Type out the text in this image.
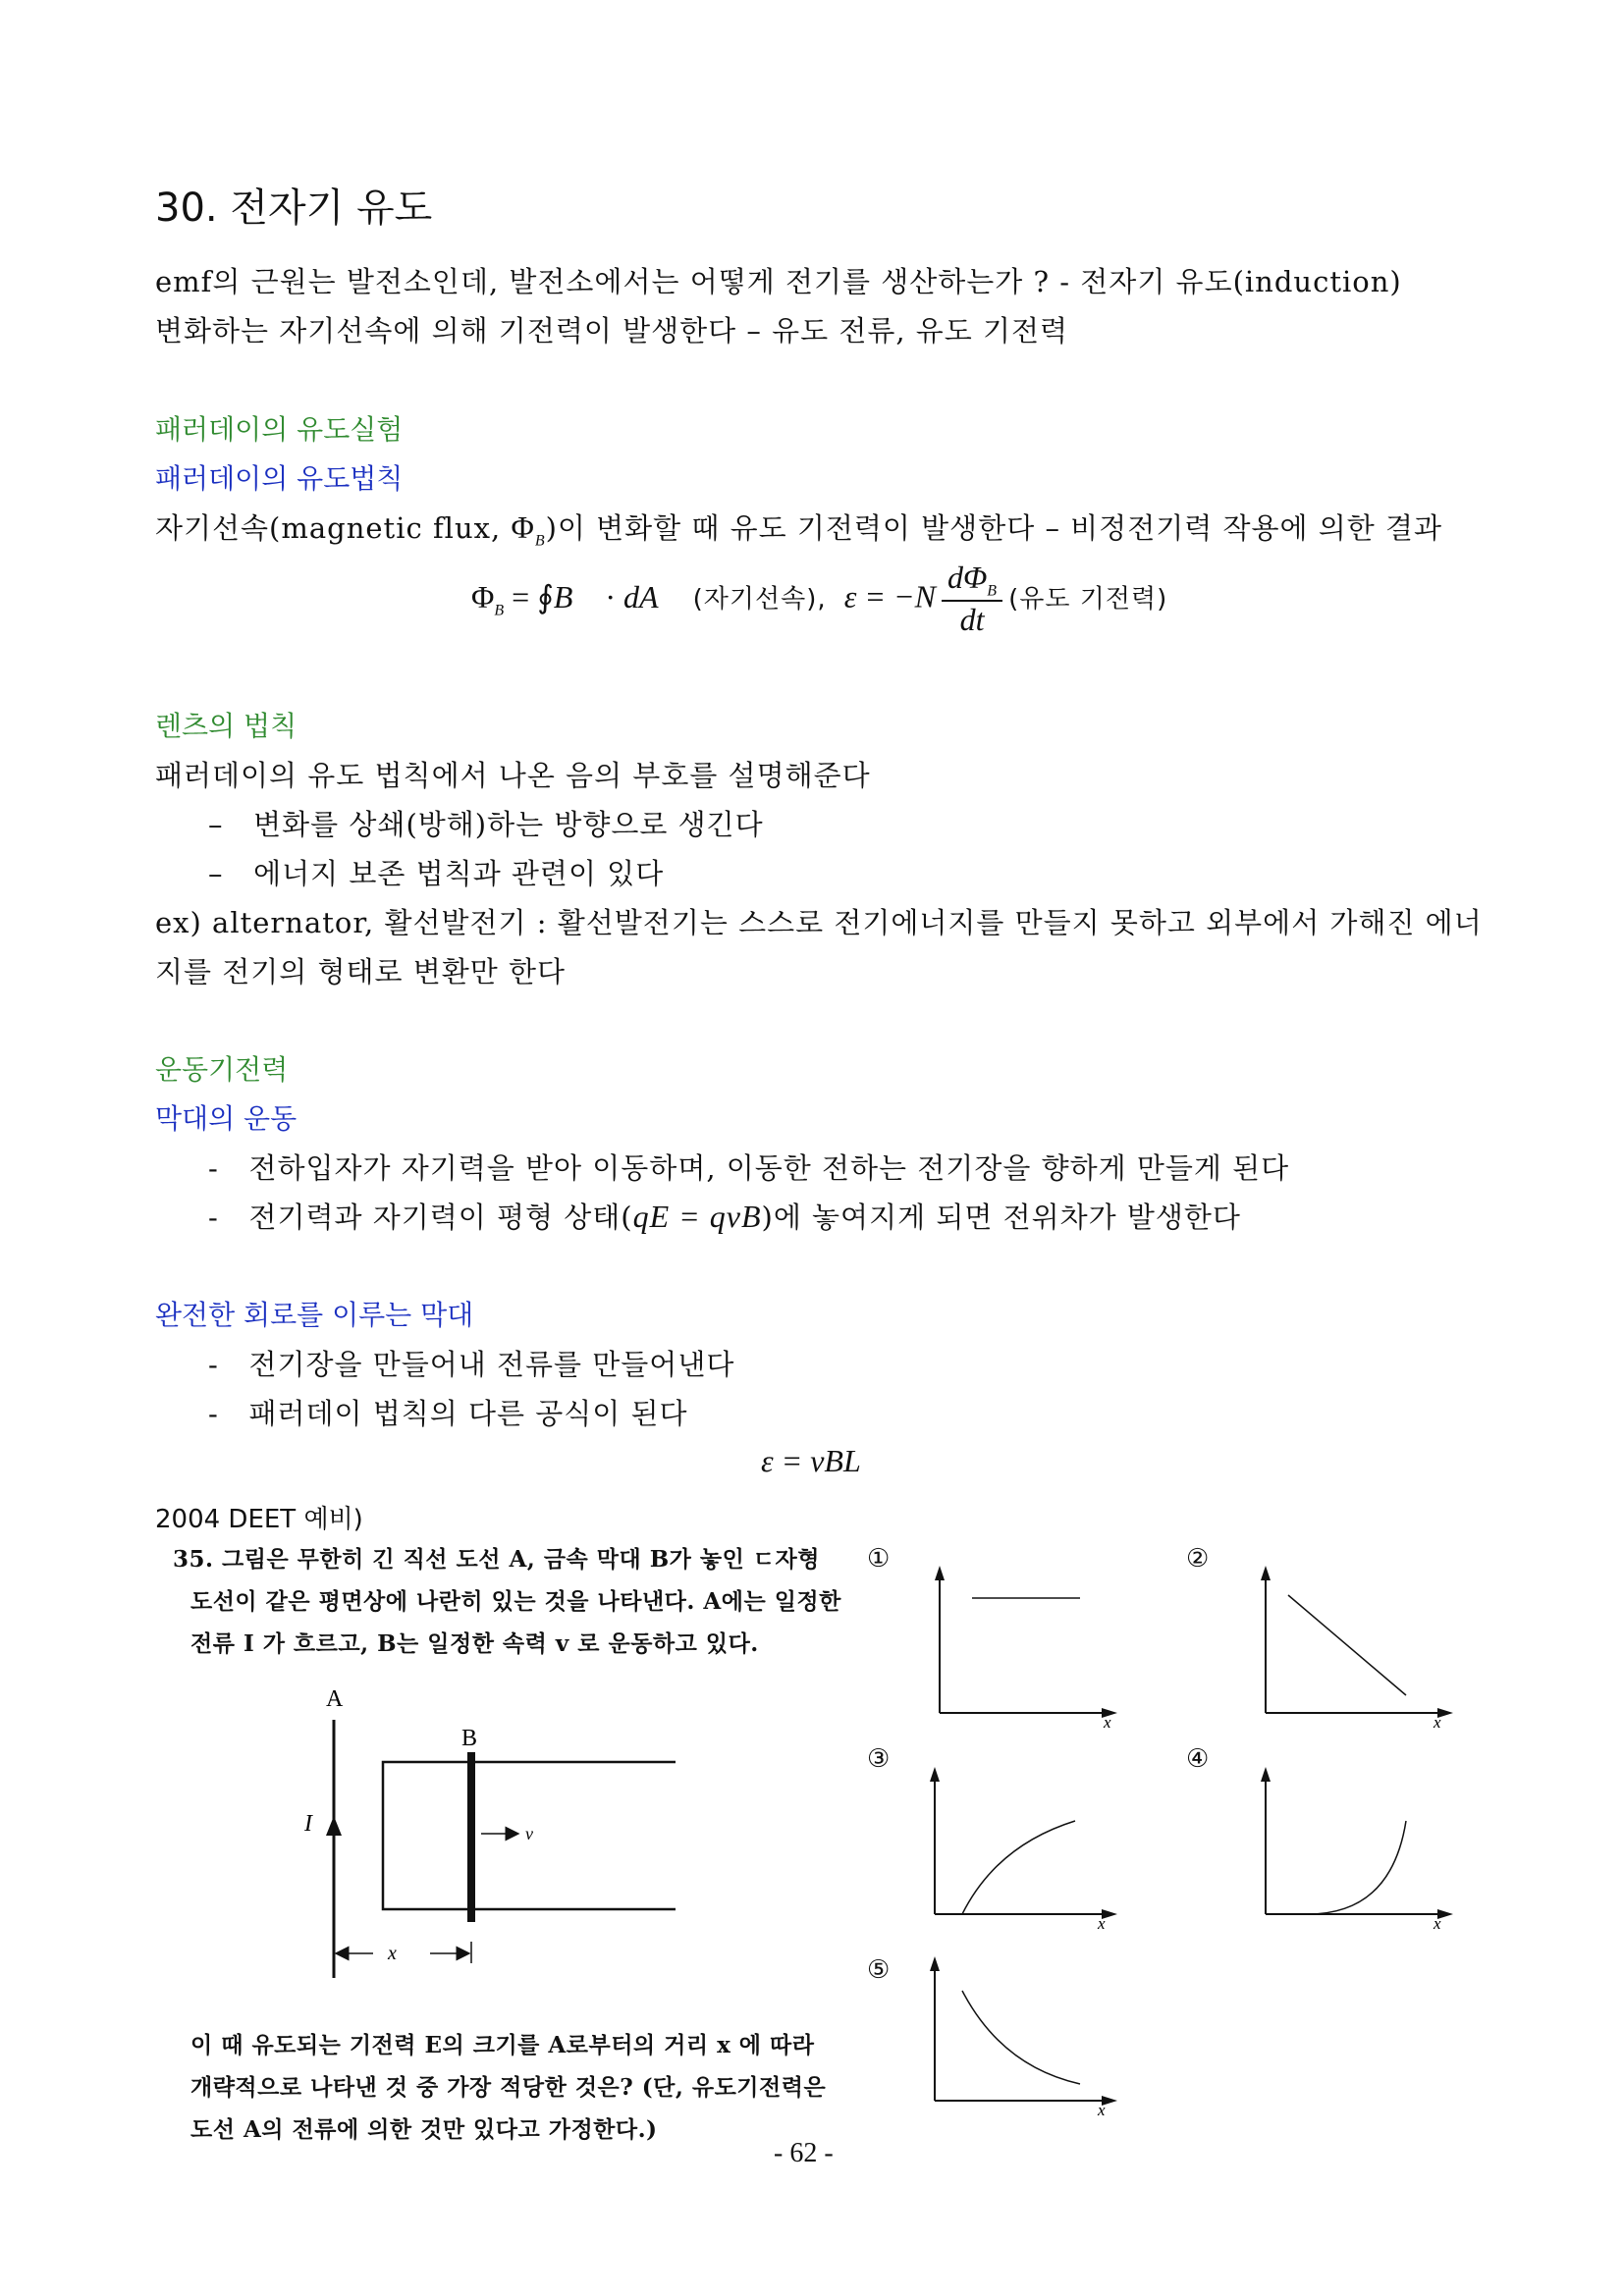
30. 전자기 유도
emf의 근원는 발전소인데, 발전소에서는 어떻게 전기를 생산하는가 ? - 전자기 유도(induction)
변화하는 자기선속에 의해 기전력이 발생한다 – 유도 전류, 유도 기전력
패러데이의 유도실험
패러데이의 유도법칙
자기선속(magnetic flux, $\Phi_B$)이 변화할 때 유도 기전력이 발생한다 – 비정전기력 작용에 의한 결과
$\Phi_B$ = ∮B⃗ · dA⃗ (자기선속),  $\varepsilon = -N \frac{d\Phi_B}{dt}$ (유도 기전력)
렌츠의 법칙
패러데이의 유도 법칙에서 나온 음의 부호를 설명해준다
–   변화를 상쇄(방해)하는 방향으로 생긴다
–   에너지 보존 법칙과 관련이 있다
ex) alternator, 활선발전기 : 활선발전기는 스스로 전기에너지를 만들지 못하고 외부에서 가해진 에너
지를 전기의 형태로 변환만 한다
운동기전력
막대의 운동
-   전하입자가 자기력을 받아 이동하며, 이동한 전하는 전기장을 향하게 만들게 된다
-   전기력과 자기력이 평형 상태(qE = qvB)에 놓여지게 되면 전위차가 발생한다
완전한 회로를 이루는 막대
-   전기장을 만들어내 전류를 만들어낸다
-   패러데이 법칙의 다른 공식이 된다
ε = vBL
2004 DEET 예비)
35. 그림은 무한히 긴 직선 도선 A, 금속 막대 B가 놓인 ㄷ자형
도선이 같은 평면상에 나란히 있는 것을 나타낸다. A에는 일정한
전류 I 가 흐르고, B는 일정한 속력 v 로 운동하고 있다.
A
I
B
v
x
이 때 유도되는 기전력 E의 크기를 A로부터의 거리 x 에 따라
개략적으로 나타낸 것 중 가장 적당한 것은? (단, 유도기전력은
도선 A의 전류에 의한 것만 있다고 가정한다.)
①
x
②
x
③
x
④
x
⑤
x
- 62 -
